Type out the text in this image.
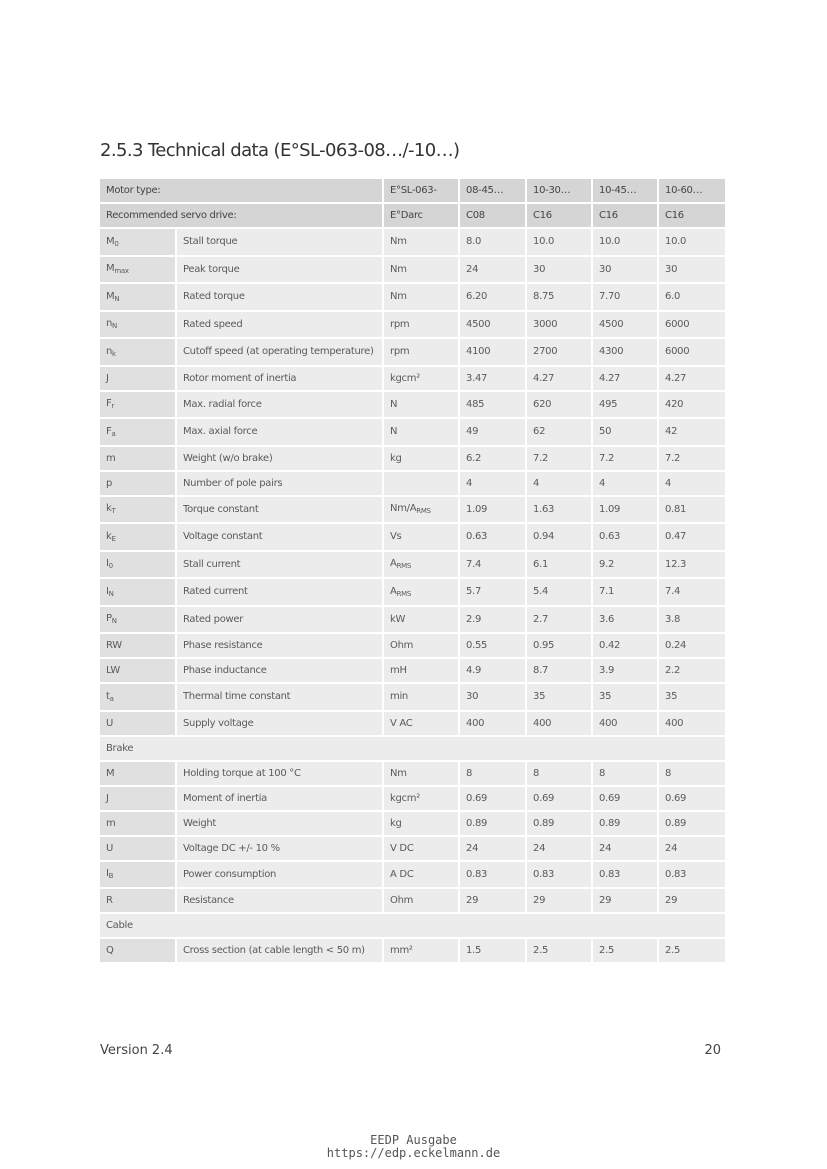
2.5.3 Technical data (E°SL-063-08…/-10…)
Motor type:		E°SL-063-	08-45…	10-30…	10-45…	10-60…
Recommended servo drive:		E°Darc	C08	C16	C16	C16
$M_0$	Stall torque	Nm	8.0	10.0	10.0	10.0
$M_{max}$	Peak torque	Nm	24	30	30	30
$M_N$	Rated torque	Nm	6.20	8.75	7.70	6.0
$n_N$	Rated speed	rpm	4500	3000	4500	6000
$n_k$	Cutoff speed (at operating temperature)	rpm	4100	2700	4300	6000
J	Rotor moment of inertia	kgcm²	3.47	4.27	4.27	4.27
$F_r$	Max. radial force	N	485	620	495	420
$F_a$	Max. axial force	N	49	62	50	42
m	Weight (w/o brake)	kg	6.2	7.2	7.2	7.2
p	Number of pole pairs		4	4	4	4
$k_T$	Torque constant	$Nm/A_{RMS}$	1.09	1.63	1.09	0.81
$k_E$	Voltage constant	Vs	0.63	0.94	0.63	0.47
$I_0$	Stall current	$A_{RMS}$	7.4	6.1	9.2	12.3
$I_N$	Rated current	$A_{RMS}$	5.7	5.4	7.1	7.4
$P_N$	Rated power	kW	2.9	2.7	3.6	3.8
RW	Phase resistance	Ohm	0.55	0.95	0.42	0.24
LW	Phase inductance	mH	4.9	8.7	3.9	2.2
$t_a$	Thermal time constant	min	30	35	35	35
U	Supply voltage	V AC	400	400	400	400
Brake						
M	Holding torque at 100 °C	Nm	8	8	8	8
J	Moment of inertia	kgcm²	0.69	0.69	0.69	0.69
m	Weight	kg	0.89	0.89	0.89	0.89
U	Voltage DC +/- 10 %	V DC	24	24	24	24
$I_B$	Power consumption	A DC	0.83	0.83	0.83	0.83
R	Resistance	Ohm	29	29	29	29
Cable						
Q	Cross section (at cable length < 50 m)	mm²	1.5	2.5	2.5	2.5
Version 2.4	20
EEDP Ausgabe
https://edp.eckelmann.de
